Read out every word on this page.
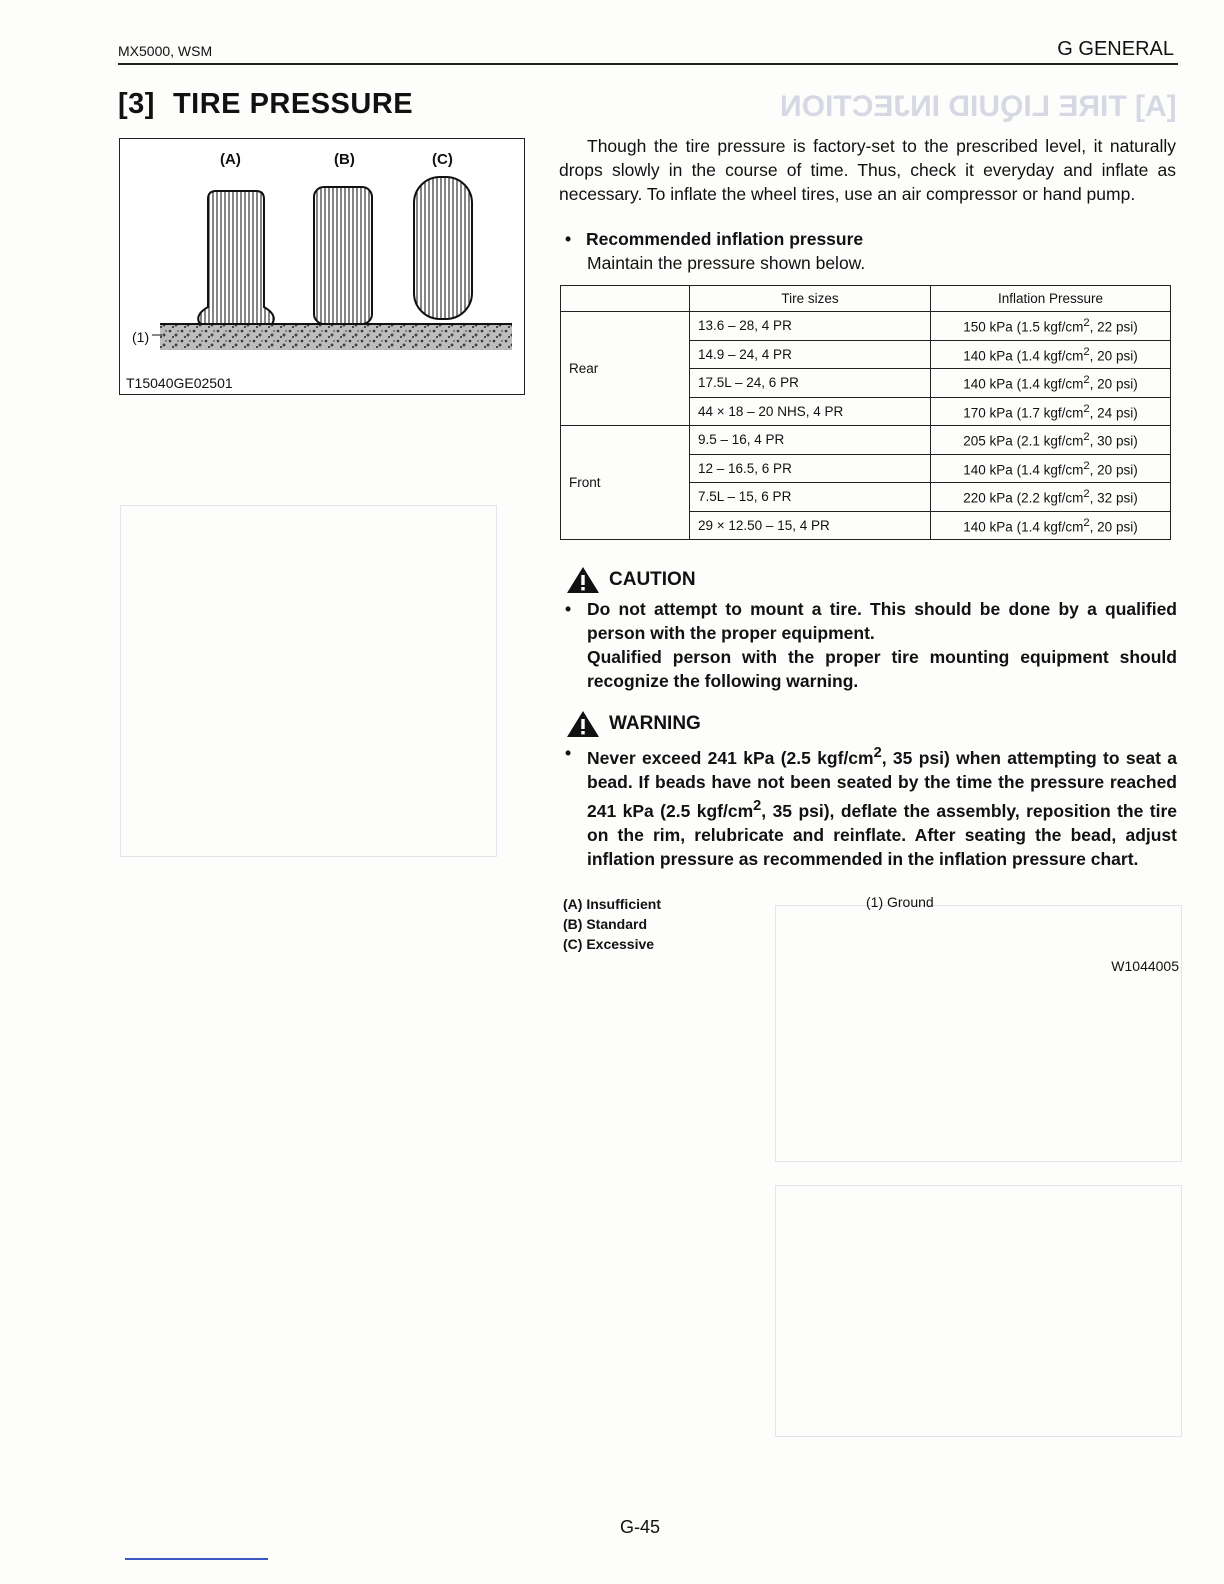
[A] TIRE LIQUID INJECTION
MX5000, WSM	G GENERAL
[3] TIRE PRESSURE
(A)	(B)	(C)
(1)
T15040GE02501

Though the tire pressure is factory-set to the prescribed level, it naturally drops slowly in the course of time. Thus, check it everyday and inflate as necessary. To inflate the wheel tires, use an air compressor or hand pump.

• Recommended inflation pressure
Maintain the pressure shown below.
	Tire sizes	Inflation Pressure
Rear	13.6 – 28, 4 PR	150 kPa (1.5 kgf/$cm^2$, 22 psi)
	14.9 – 24, 4 PR	140 kPa (1.4 kgf/$cm^2$, 20 psi)
	17.5L – 24, 6 PR	140 kPa (1.4 kgf/$cm^2$, 20 psi)
	44 × 18 – 20 NHS, 4 PR	170 kPa (1.7 kgf/$cm^2$, 24 psi)
Front	9.5 – 16, 4 PR	205 kPa (2.1 kgf/$cm^2$, 30 psi)
	12 – 16.5, 6 PR	140 kPa (1.4 kgf/$cm^2$, 20 psi)
	7.5L – 15, 6 PR	220 kPa (2.2 kgf/$cm^2$, 32 psi)
	29 × 12.50 – 15, 4 PR	140 kPa (1.4 kgf/$cm^2$, 20 psi)
CAUTION
• Do not attempt to mount a tire. This should be done by a qualified person with the proper equipment.

Qualified person with the proper tire mounting equipment should recognize the following warning.

WARNING
• Never exceed 241 kPa (2.5 kgf/$cm^2$, 35 psi) when attempting to seat a bead. If beads have not been seated by the time the pressure reached 241 kPa (2.5 kgf/$cm^2$, 35 psi), deflate the assembly, reposition the tire on the rim, relubricate and reinflate. After seating the bead, adjust inflation pressure as recommended in the inflation pressure chart.

(A) Insufficient
(B) Standard
(C) Excessive
(1) Ground
W1044005
G-45
